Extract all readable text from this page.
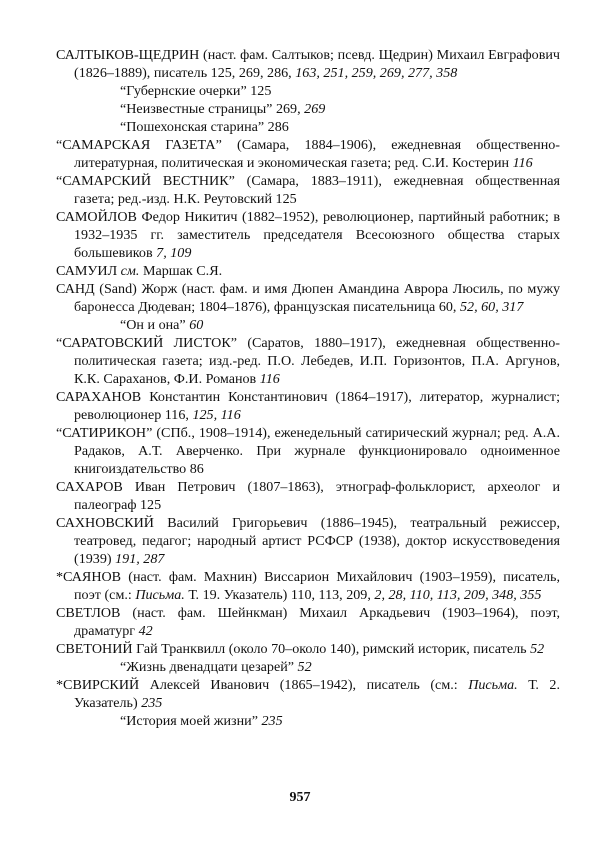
САЛТЫКОВ-ЩЕДРИН (наст. фам. Салтыков; псевд. Щедрин) Михаил Евграфович (1826–1889), писатель 125, 269, 286, 163, 251, 259, 269, 277, 358

“Губернские очерки” 125

“Неизвестные страницы” 269, 269

“Пошехонская старина” 286

“САМАРСКАЯ ГАЗЕТА” (Самара, 1884–1906), ежедневная общественно-литературная, политическая и экономическая газета; ред. С.И. Костерин 116

“САМАРСКИЙ ВЕСТНИК” (Самара, 1883–1911), ежедневная общественная газета; ред.-изд. Н.К. Реутовский 125

САМОЙЛОВ Федор Никитич (1882–1952), революционер, партийный работник; в 1932–1935 гг. заместитель председателя Всесоюзного общества старых большевиков 7, 109

САМУИЛ см. Маршак С.Я.

САНД (Sand) Жорж (наст. фам. и имя Дюпен Амандина Аврора Люсиль, по мужу баронесса Дюдеван; 1804–1876), французская писательница 60, 52, 60, 317

“Он и она” 60

“САРАТОВСКИЙ ЛИСТОК” (Саратов, 1880–1917), ежедневная общественно-политическая газета; изд.-ред. П.О. Лебедев, И.П. Горизонтов, П.А. Аргунов, К.К. Сараханов, Ф.И. Романов 116

САРАХАНОВ Константин Константинович (1864–1917), литератор, журналист; революционер 116, 125, 116

“САТИРИКОН” (СПб., 1908–1914), еженедельный сатирический журнал; ред. А.А. Радаков, А.Т. Аверченко. При журнале функционировало одноименное книгоиздательство 86

САХАРОВ Иван Петрович (1807–1863), этнограф-фольклорист, археолог и палеограф 125

САХНОВСКИЙ Василий Григорьевич (1886–1945), театральный режиссер, театровед, педагог; народный артист РСФСР (1938), доктор искусствоведения (1939) 191, 287

*САЯНОВ (наст. фам. Махнин) Виссарион Михайлович (1903–1959), писатель, поэт (см.: Письма. Т. 19. Указатель) 110, 113, 209, 2, 28, 110, 113, 209, 348, 355

СВЕТЛОВ (наст. фам. Шейнкман) Михаил Аркадьевич (1903–1964), поэт, драматург 42

СВЕТОНИЙ Гай Транквилл (около 70–около 140), римский историк, писатель 52

“Жизнь двенадцати цезарей” 52

*СВИРСКИЙ Алексей Иванович (1865–1942), писатель (см.: Письма. Т. 2. Указатель) 235

“История моей жизни” 235

957
